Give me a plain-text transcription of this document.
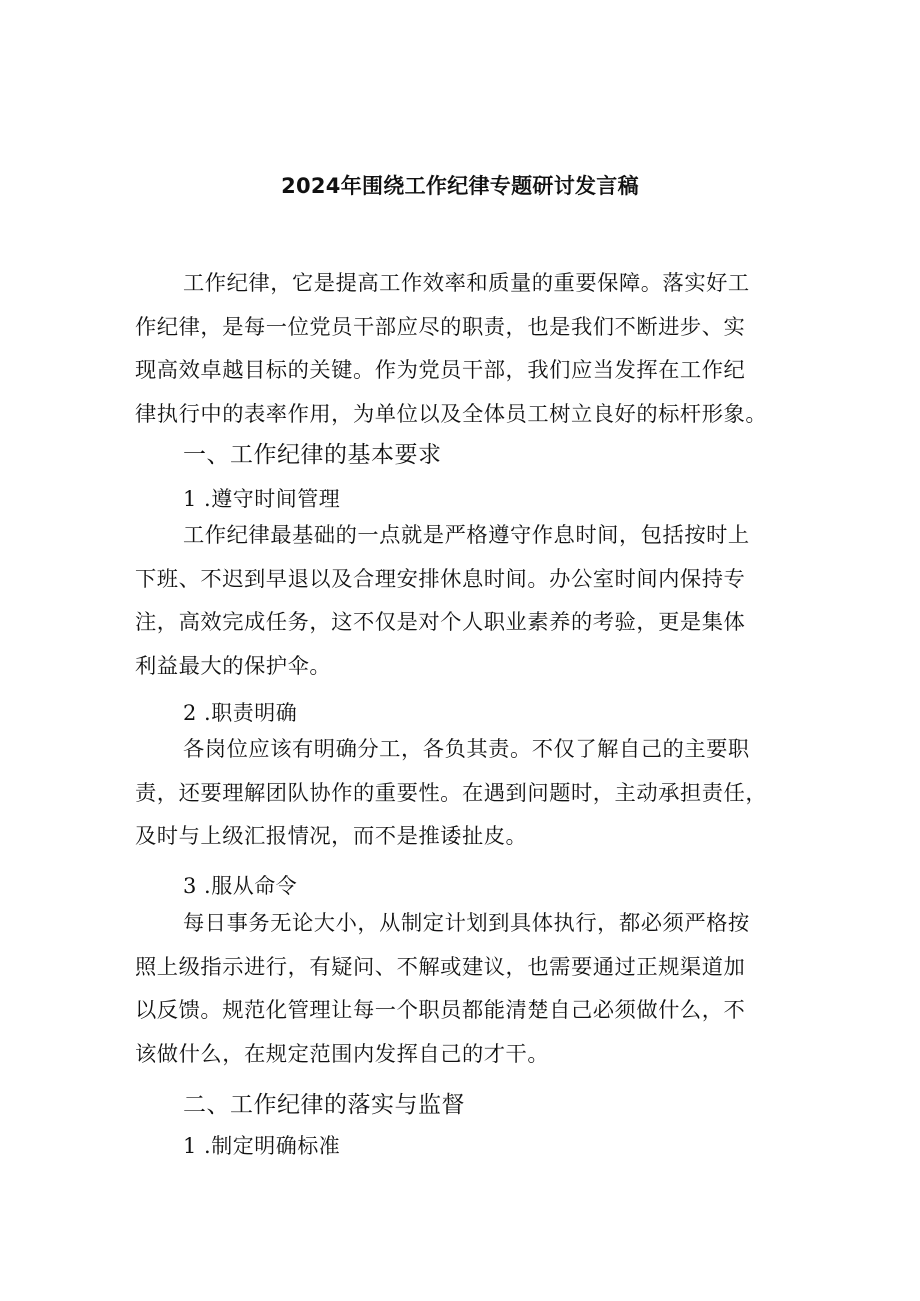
2024年围绕工作纪律专题研讨发言稿

工作纪律，它是提高工作效率和质量的重要保障。落实好工
作纪律，是每一位党员干部应尽的职责，也是我们不断进步、实
现高效卓越目标的关键。作为党员干部，我们应当发挥在工作纪
律执行中的表率作用，为单位以及全体员工树立良好的标杆形象。

一、工作纪律的基本要求
1 .遵守时间管理

工作纪律最基础的一点就是严格遵守作息时间，包括按时上
下班、不迟到早退以及合理安排休息时间。办公室时间内保持专
注，高效完成任务，这不仅是对个人职业素养的考验，更是集体
利益最大的保护伞。

2 .职责明确

各岗位应该有明确分工，各负其责。不仅了解自己的主要职
责，还要理解团队协作的重要性。在遇到问题时，主动承担责任，
及时与上级汇报情况，而不是推诿扯皮。

3 .服从命令

每日事务无论大小，从制定计划到具体执行，都必须严格按
照上级指示进行，有疑问、不解或建议，也需要通过正规渠道加
以反馈。规范化管理让每一个职员都能清楚自己必须做什么，不
该做什么，在规定范围内发挥自己的才干。

二、工作纪律的落实与监督
1 .制定明确标准
